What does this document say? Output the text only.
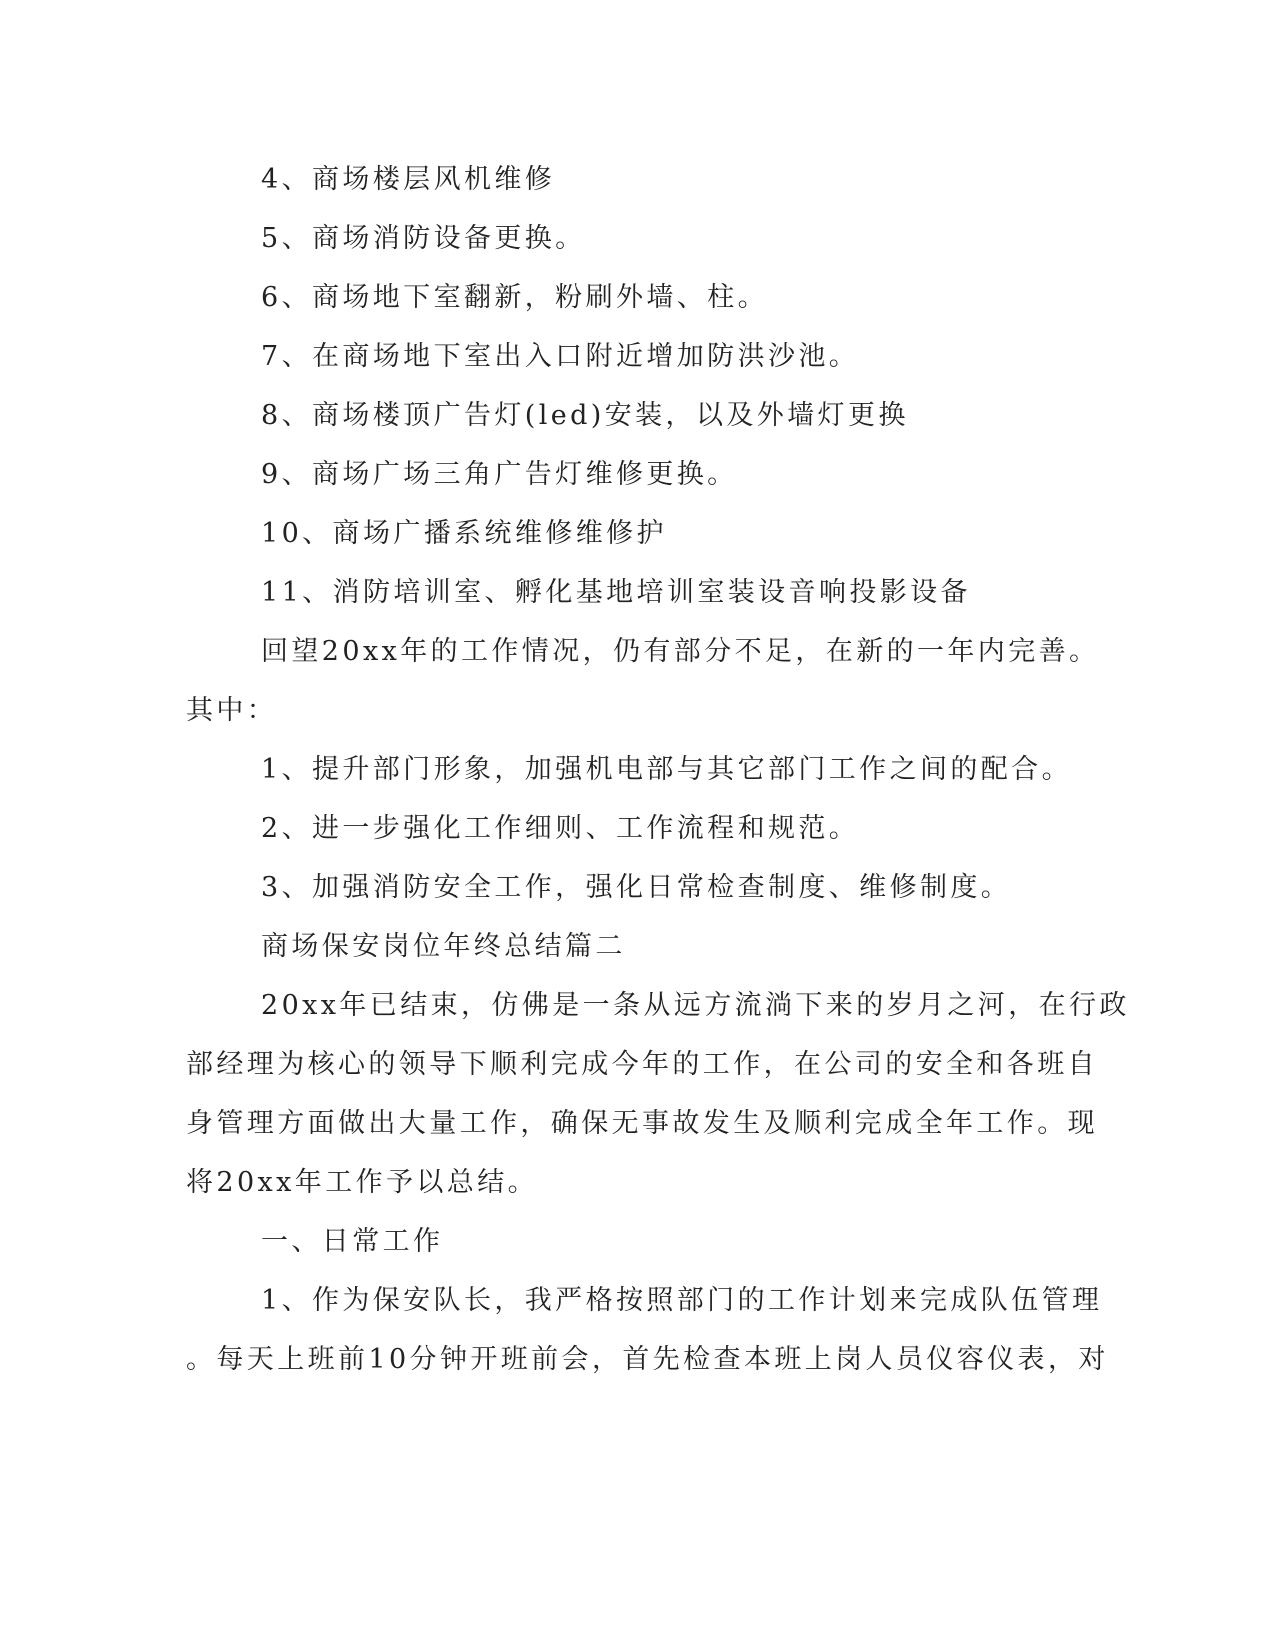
4、商场楼层风机维修
5、商场消防设备更换。
6、商场地下室翻新，粉刷外墙、柱。
7、在商场地下室出入口附近增加防洪沙池。
8、商场楼顶广告灯(led)安装，以及外墙灯更换
9、商场广场三角广告灯维修更换。
10、商场广播系统维修维修护
11、消防培训室、孵化基地培训室装设音响投影设备
回望20xx年的工作情况，仍有部分不足，在新的一年内完善。
其中：
1、提升部门形象，加强机电部与其它部门工作之间的配合。
2、进一步强化工作细则、工作流程和规范。
3、加强消防安全工作，强化日常检查制度、维修制度。
商场保安岗位年终总结篇二
20xx年已结束，仿佛是一条从远方流淌下来的岁月之河，在行政
部经理为核心的领导下顺利完成今年的工作，在公司的安全和各班自
身管理方面做出大量工作，确保无事故发生及顺利完成全年工作。现
将20xx年工作予以总结。
一、日常工作
1、作为保安队长，我严格按照部门的工作计划来完成队伍管理
。每天上班前10分钟开班前会，首先检查本班上岗人员仪容仪表，对
